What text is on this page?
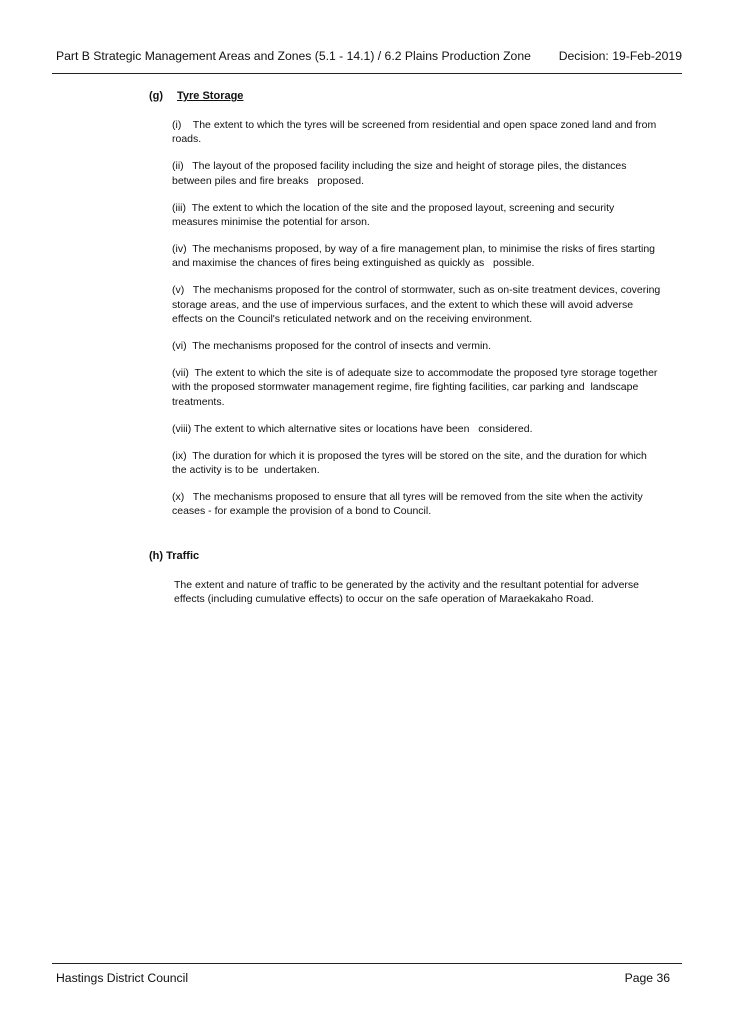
Part B Strategic Management Areas and Zones (5.1 - 14.1) / 6.2 Plains Production Zone Decision: 19-Feb-2019
(g) Tyre Storage

(i)    The extent to which the tyres will be screened from residential and open space zoned land and from roads.

(ii)   The layout of the proposed facility including the size and height of storage piles, the distances between piles and fire breaks   proposed.

(iii)  The extent to which the location of the site and the proposed layout, screening and security measures minimise the potential for arson.

(iv)  The mechanisms proposed, by way of a fire management plan, to minimise the risks of fires starting and maximise the chances of fires being extinguished as quickly as   possible.

(v)   The mechanisms proposed for the control of stormwater, such as on-site treatment devices, covering storage areas, and the use of impervious surfaces, and the extent to which these will avoid adverse effects on the Council's reticulated network and on the receiving environment.

(vi)  The mechanisms proposed for the control of insects and vermin.

(vii)  The extent to which the site is of adequate size to accommodate the proposed tyre storage together with the proposed stormwater management regime, fire fighting facilities, car parking and  landscape treatments.

(viii) The extent to which alternative sites or locations have been   considered.

(ix)  The duration for which it is proposed the tyres will be stored on the site, and the duration for which the activity is to be  undertaken.

(x)   The mechanisms proposed to ensure that all tyres will be removed from the site when the activity ceases - for example the provision of a bond to Council.

(h) Traffic

The extent and nature of traffic to be generated by the activity and the resultant potential for adverse effects (including cumulative effects) to occur on the safe operation of Maraekakaho Road.

Hastings District Council	Page 36
